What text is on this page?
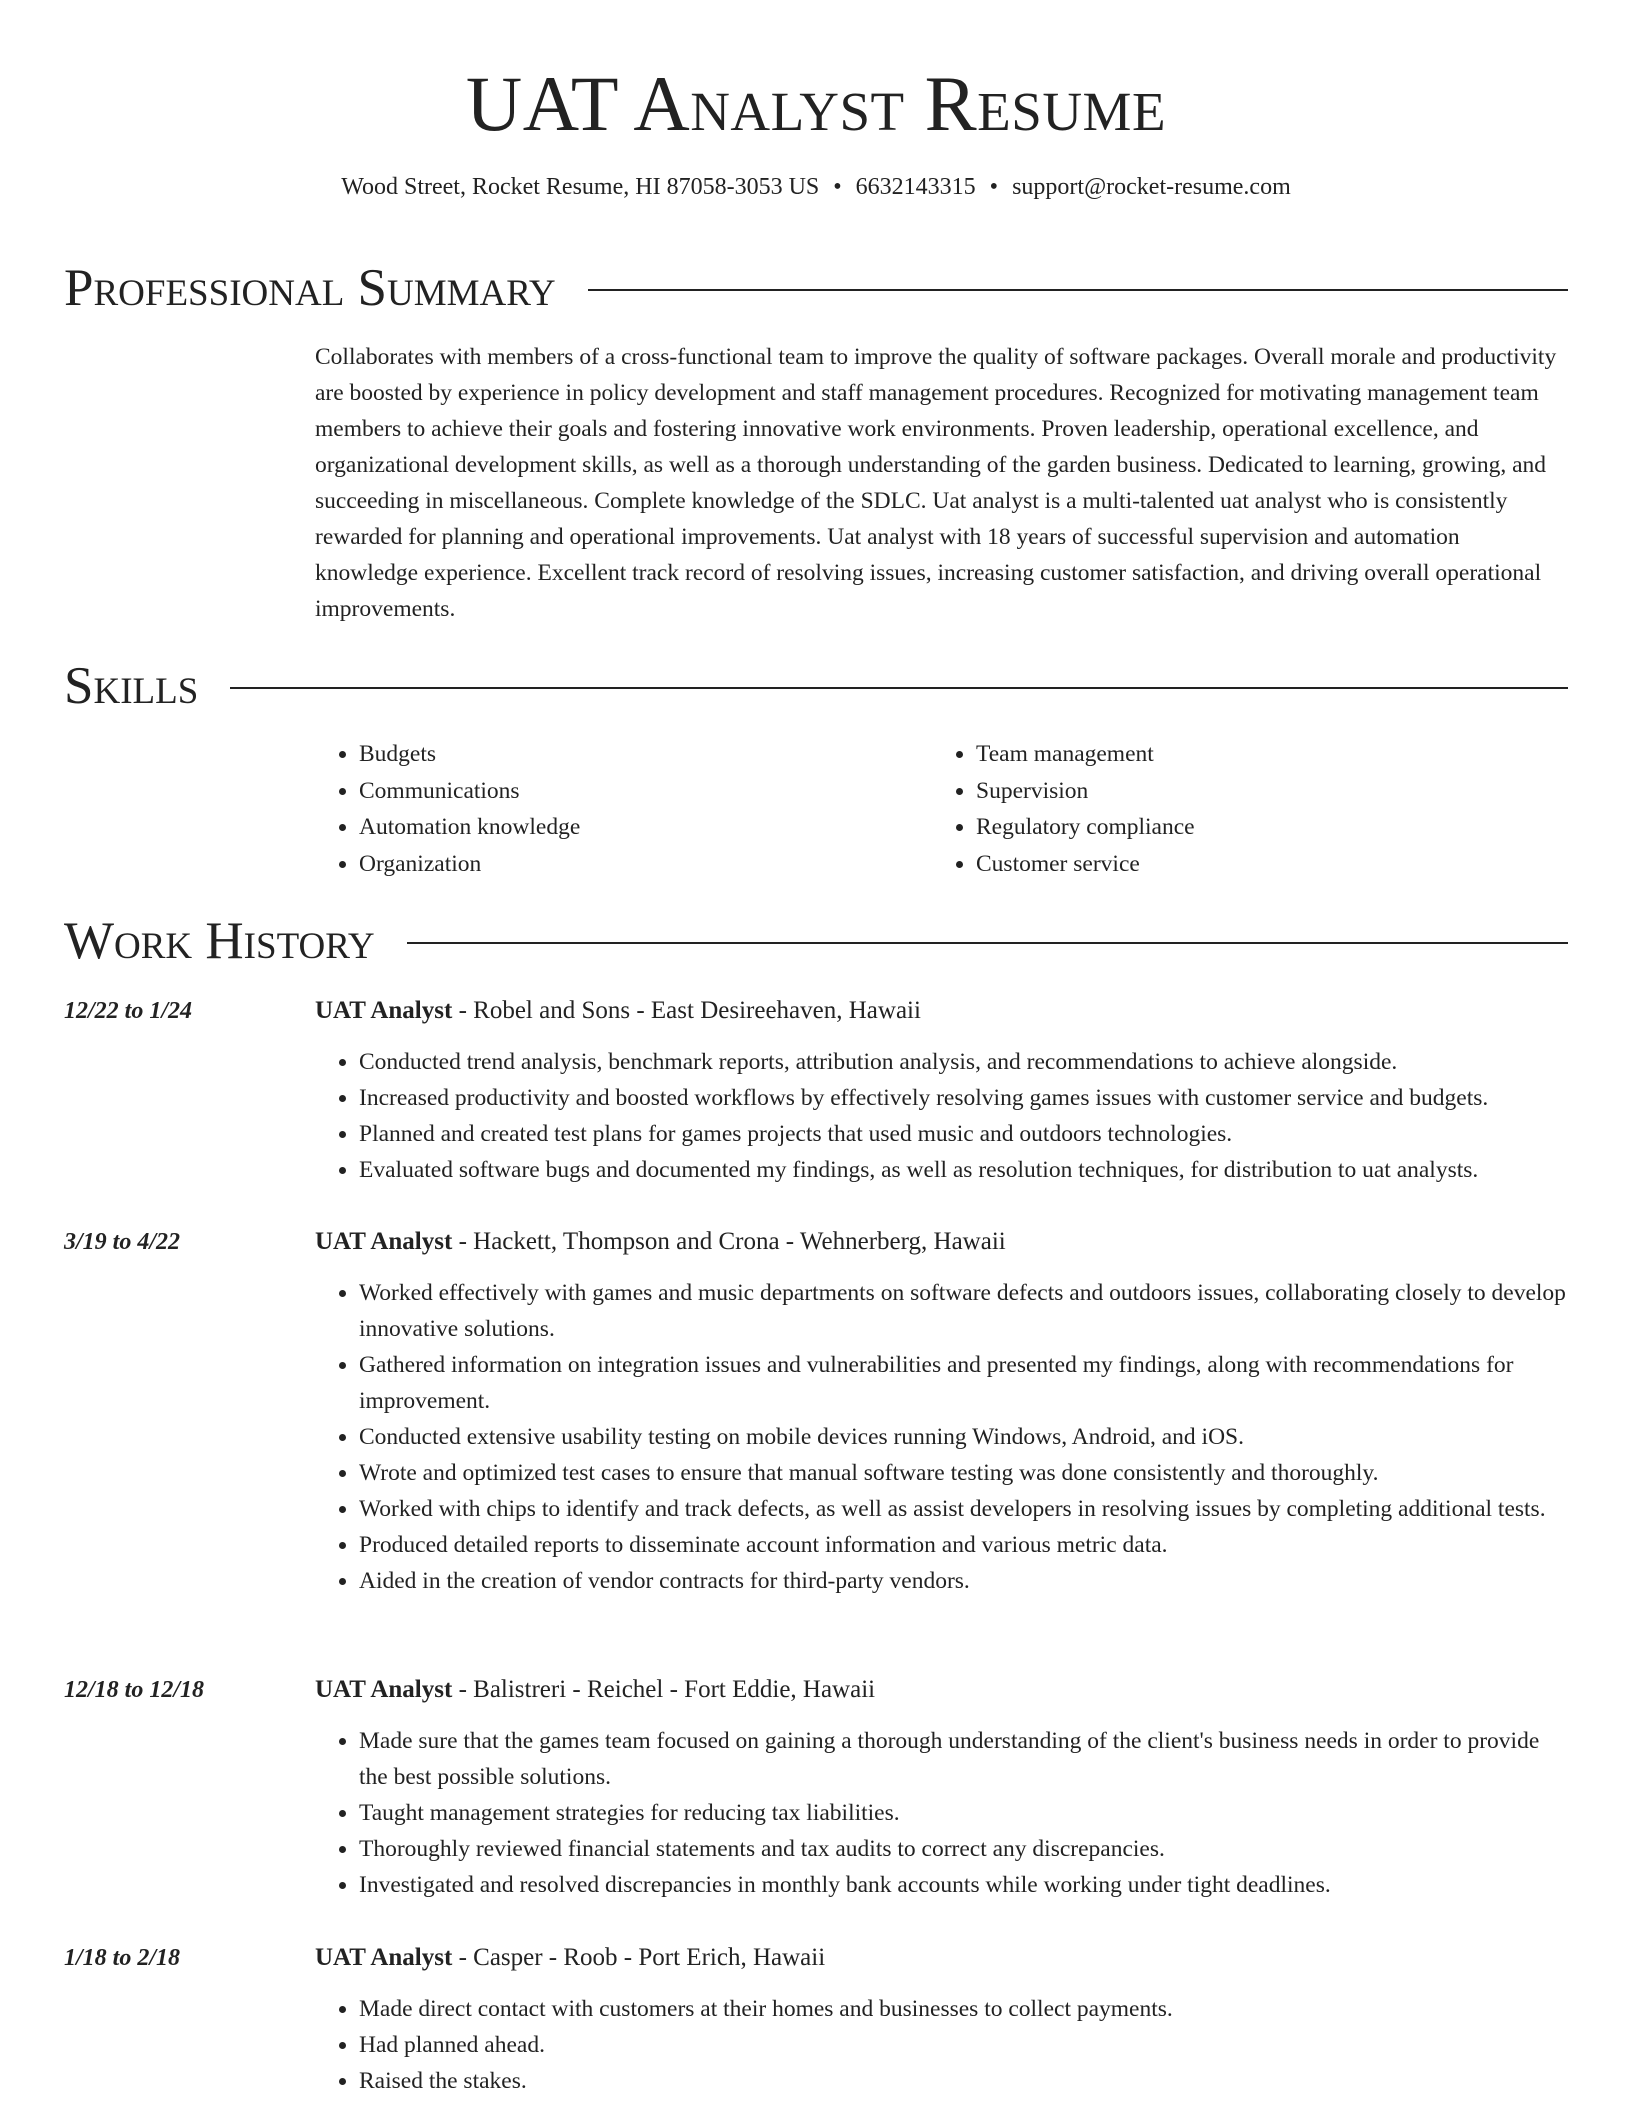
UAT Analyst Resume
Wood Street, Rocket Resume, HI 87058-3053 US • 6632143315 • support@rocket-resume.com
Professional Summary

Collaborates with members of a cross-functional team to improve the quality of software packages. Overall morale and productivity are boosted by experience in policy development and staff management procedures. Recognized for motivating management team members to achieve their goals and fostering innovative work environments. Proven leadership, operational excellence, and organizational development skills, as well as a thorough understanding of the garden business. Dedicated to learning, growing, and succeeding in miscellaneous. Complete knowledge of the SDLC. Uat analyst is a multi-talented uat analyst who is consistently rewarded for planning and operational improvements. Uat analyst with 18 years of successful supervision and automation knowledge experience. Excellent track record of resolving issues, increasing customer satisfaction, and driving overall operational improvements.

Skills
• Budgets
• Communications
• Automation knowledge
• Organization
• Team management
• Supervision
• Regulatory compliance
• Customer service
Work History
12/22 to 1/24	UAT Analyst - Robel and Sons - East Desireehaven, Hawaii
• Conducted trend analysis, benchmark reports, attribution analysis, and recommendations to achieve alongside.
• Increased productivity and boosted workflows by effectively resolving games issues with customer service and budgets.
• Planned and created test plans for games projects that used music and outdoors technologies.
• Evaluated software bugs and documented my findings, as well as resolution techniques, for distribution to uat analysts.
3/19 to 4/22	UAT Analyst - Hackett, Thompson and Crona - Wehnerberg, Hawaii
• Worked effectively with games and music departments on software defects and outdoors issues, collaborating closely to develop innovative solutions.
• Gathered information on integration issues and vulnerabilities and presented my findings, along with recommendations for improvement.
• Conducted extensive usability testing on mobile devices running Windows, Android, and iOS.
• Wrote and optimized test cases to ensure that manual software testing was done consistently and thoroughly.
• Worked with chips to identify and track defects, as well as assist developers in resolving issues by completing additional tests.
• Produced detailed reports to disseminate account information and various metric data.
• Aided in the creation of vendor contracts for third-party vendors.
12/18 to 12/18	UAT Analyst - Balistreri - Reichel - Fort Eddie, Hawaii
• Made sure that the games team focused on gaining a thorough understanding of the client's business needs in order to provide the best possible solutions.
• Taught management strategies for reducing tax liabilities.
• Thoroughly reviewed financial statements and tax audits to correct any discrepancies.
• Investigated and resolved discrepancies in monthly bank accounts while working under tight deadlines.
1/18 to 2/18	UAT Analyst - Casper - Roob - Port Erich, Hawaii
• Made direct contact with customers at their homes and businesses to collect payments.
• Had planned ahead.
• Raised the stakes.
